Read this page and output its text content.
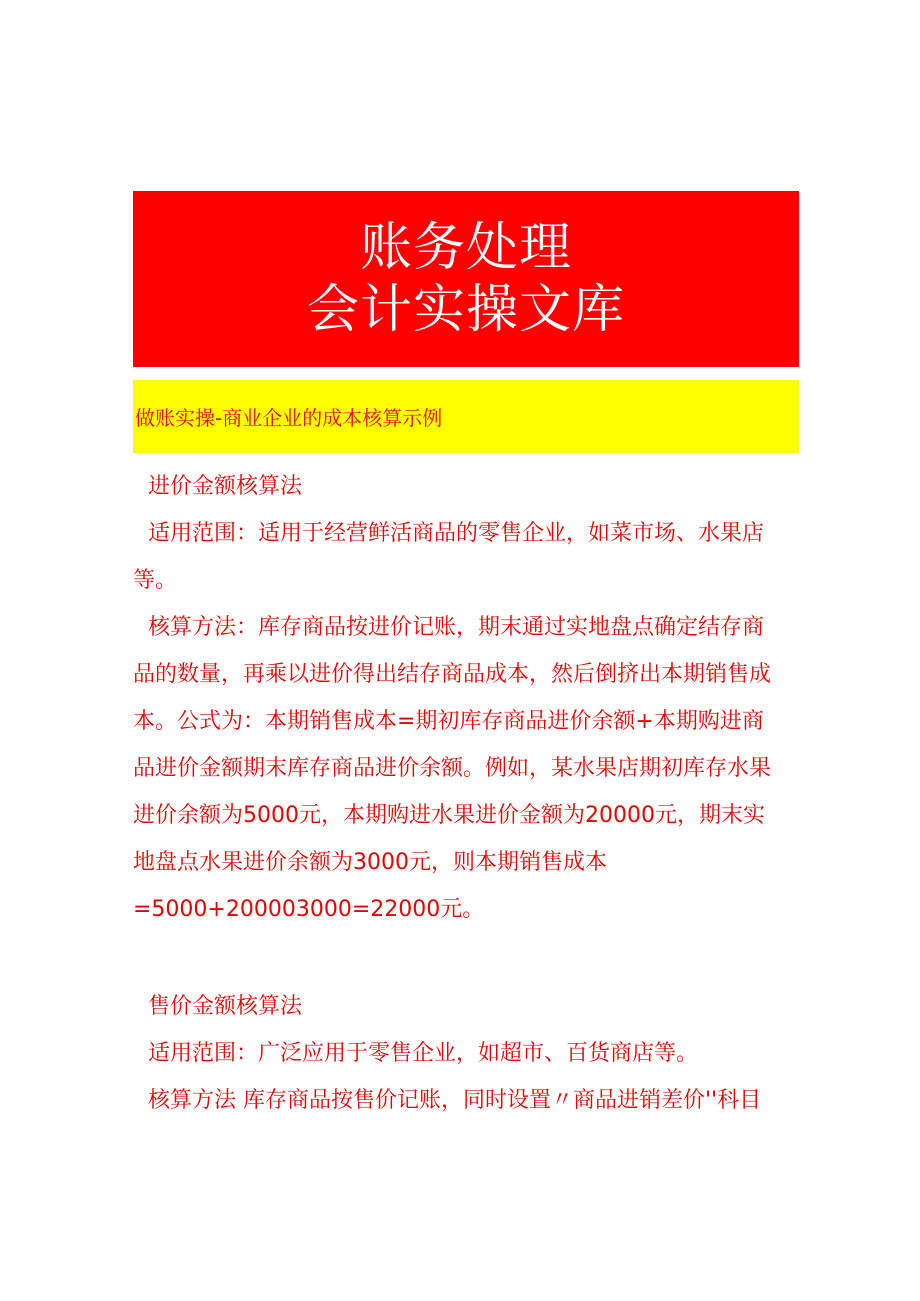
账务处理
会计实操文库
做账实操-商业企业的成本核算示例
进价金额核算法
适用范围：适用于经营鲜活商品的零售企业，如菜市场、水果店
等。
核算方法：库存商品按进价记账，期末通过实地盘点确定结存商
品的数量，再乘以进价得出结存商品成本，然后倒挤出本期销售成
本。公式为：本期销售成本=期初库存商品进价余额+本期购进商
品进价金额期末库存商品进价余额。例如，某水果店期初库存水果
进价余额为5000元，本期购进水果进价金额为20000元，期末实
地盘点水果进价余额为3000元，则本期销售成本
=5000+200003000=22000元。
售价金额核算法
适用范围：广泛应用于零售企业，如超市、百货商店等。
核算方法 库存商品按售价记账，同时设置〃商品进销差价''科目
